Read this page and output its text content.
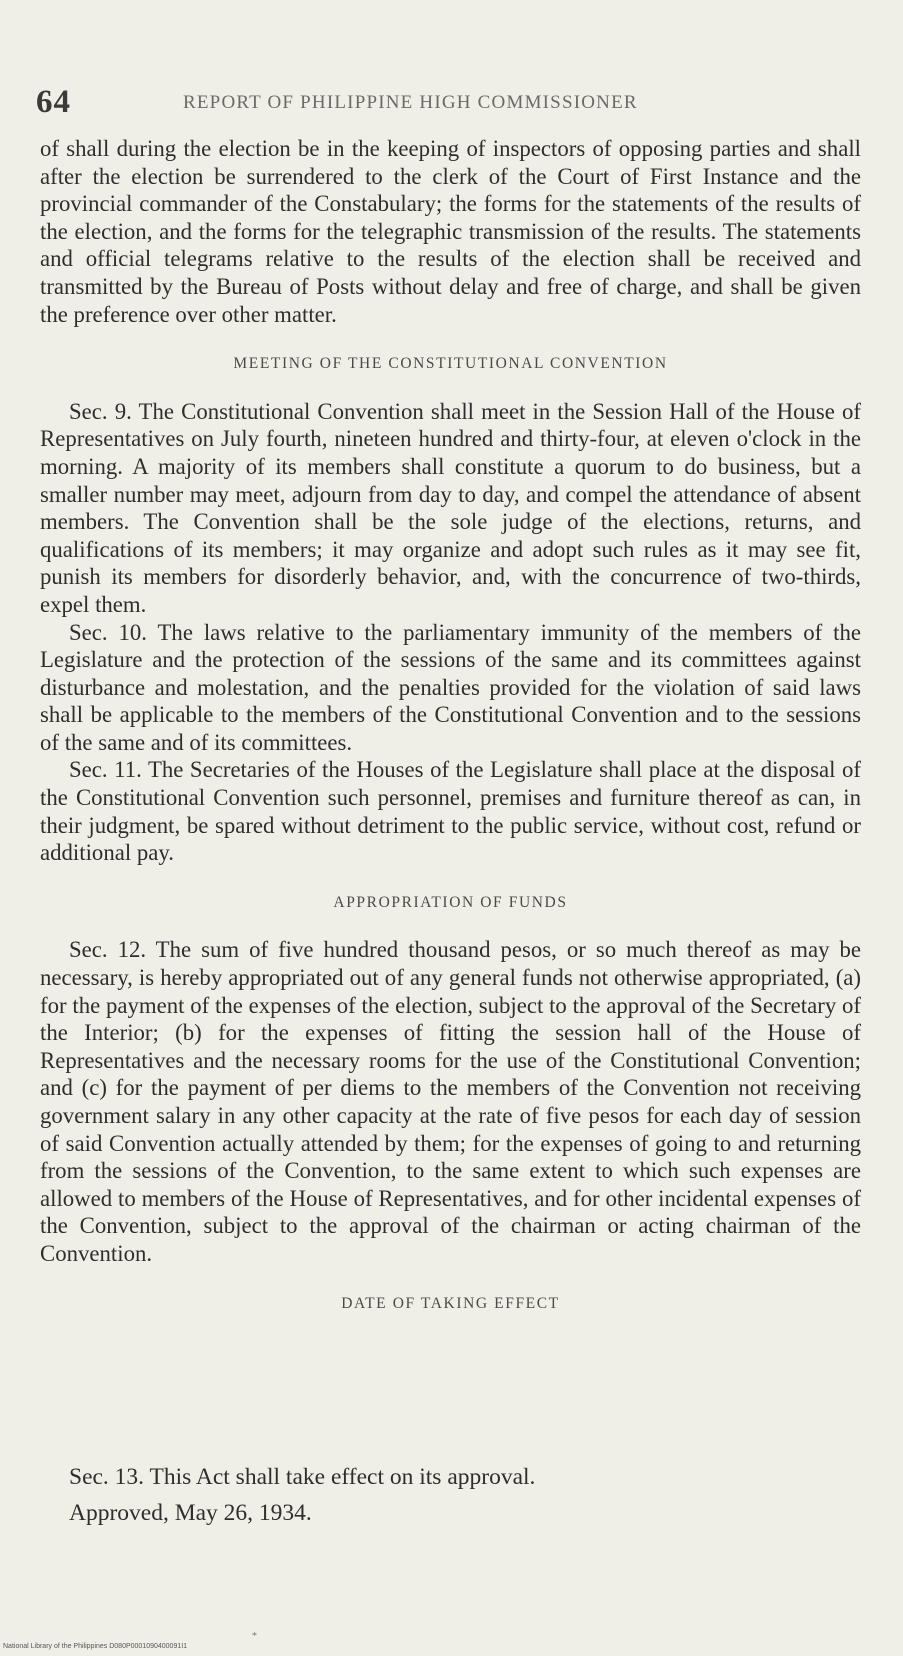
64	REPORT OF PHILIPPINE HIGH COMMISSIONER

of shall during the election be in the keeping of inspectors of opposing parties and shall after the election be surrendered to the clerk of the Court of First Instance and the provincial commander of the Constabulary; the forms for the statements of the results of the election, and the forms for the telegraphic transmission of the results. The statements and official telegrams relative to the results of the election shall be received and transmitted by the Bureau of Posts without delay and free of charge, and shall be given the preference over other matter.

MEETING OF THE CONSTITUTIONAL CONVENTION

Sec. 9. The Constitutional Convention shall meet in the Session Hall of the House of Representatives on July fourth, nineteen hundred and thirty-four, at eleven o'clock in the morning. A majority of its members shall constitute a quorum to do business, but a smaller number may meet, adjourn from day to day, and compel the attendance of absent members. The Convention shall be the sole judge of the elections, returns, and qualifications of its members; it may organize and adopt such rules as it may see fit, punish its members for disorderly behavior, and, with the concurrence of two-thirds, expel them.

Sec. 10. The laws relative to the parliamentary immunity of the members of the Legislature and the protection of the sessions of the same and its committees against disturbance and molestation, and the penalties provided for the violation of said laws shall be applicable to the members of the Constitutional Convention and to the sessions of the same and of its committees.

Sec. 11. The Secretaries of the Houses of the Legislature shall place at the disposal of the Constitutional Convention such personnel, premises and furniture thereof as can, in their judgment, be spared without detriment to the public service, without cost, refund or additional pay.

APPROPRIATION OF FUNDS

Sec. 12. The sum of five hundred thousand pesos, or so much thereof as may be necessary, is hereby appropriated out of any general funds not otherwise appropriated, (a) for the payment of the expenses of the election, subject to the approval of the Secretary of the Interior; (b) for the expenses of fitting the session hall of the House of Representatives and the necessary rooms for the use of the Constitutional Convention; and (c) for the payment of per diems to the members of the Convention not receiving government salary in any other capacity at the rate of five pesos for each day of session of said Convention actually attended by them; for the expenses of going to and returning from the sessions of the Convention, to the same extent to which such expenses are allowed to members of the House of Representatives, and for other incidental expenses of the Convention, subject to the approval of the chairman or acting chairman of the Convention.

DATE OF TAKING EFFECT

Sec. 13. This Act shall take effect on its approval.

Approved, May 26, 1934.

*
National Library of the Philippines D080P0001090400091I1
